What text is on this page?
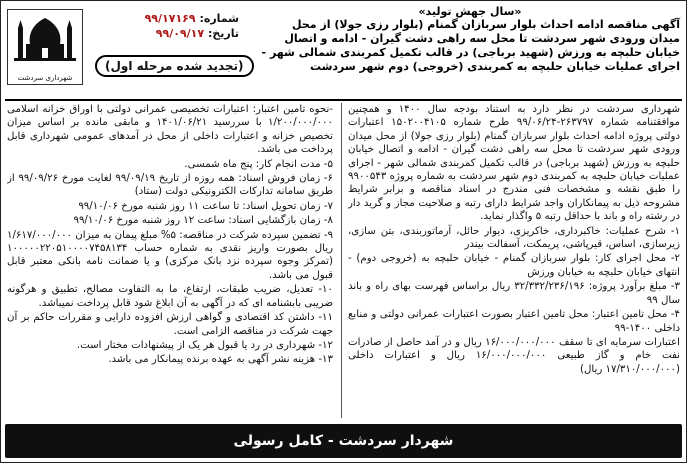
شهرداری سردشت
شماره: ۹۹/۱۷۱۶۹
تاریخ: ۹۹/۰۹/۱۷
(تجدید شده مرحله اول)
«سال جهش تولید»
آگهی مناقصه ادامه احداث بلوار سربازان گمنام (بلوار رزی جولا) از محل میدان ورودی شهر سردشت تا محل سه راهی دشت گیران - ادامه و اتصال خیابان حلبچه به ورزش (شهید برباجی) در قالب تکمیل کمربندی شمالی شهر - اجرای عملیات خیابان حلبچه به کمربندی (خروجی) دوم شهر سردشت

شهرداری سردشت در نظر دارد به استناد بودجه سال ۱۴۰۰ و همچنین موافقتنامه شماره ۲۶۳۷۹۷-۹۹/۰۶/۲۴ طرح شماره ۱۵۰۲۰۰۴۱۰۵ اعتبارات دولتی پروژه ادامه احداث بلوار سربازان گمنام (بلوار رزی جولا) از محل میدان ورودی شهر سردشت تا محل سه راهی دشت گیران - ادامه و اتصال خیابان حلبچه به ورزش (شهید برباجی) در قالب تکمیل کمربندی شمالی شهر - اجرای عملیات خیابان حلبچه به کمربندی دوم شهر سردشت به شماره پروژه ۹۹۰۰۵۴۳ را طبق نقشه و مشخصات فنی مندرج در اسناد مناقصه و برابر شرایط مشروحه ذیل به پیمانکاران واجد شرایط دارای رتبه و صلاحیت مجاز و گرید دار در رشته راه و باند با حداقل رتبه ۵ واگذار نماید.

۱- شرح عملیات: خاکبرداری، خاکریزی، دیوار حائل، آرماتوربندی، بتن سازی، زیرسازی، اساس، قیرپاشی، پریمکت، آسفالت بیندر

۲- محل اجرای کار: بلوار سربازان گمنام - خیابان حلبچه به (خروجی دوم) - انتهای خیابان حلبچه به خیابان ورزش

۳- مبلغ برآورد پروژه: ۳۲/۳۳۲/۲۳۶/۱۹۶ ریال براساس فهرست بهای راه و باند سال ۹۹

۴- محل تامین اعتبار: محل تامین اعتبار بصورت اعتبارات عمرانی دولتی و منابع داخلی ۱۴۰۰-۹۹

اعتبارات سرمایه ای تا سقف ۱۶/۰۰۰/۰۰۰/۰۰۰ ریال و در آمد حاصل از صادرات نفت خام و گاز طبیعی ۱۶/۰۰۰/۰۰۰/۰۰۰ ریال و اعتبارات داخلی (۱۷/۳۱۰/۰۰۰/۰۰۰ ریال)

-نحوه تامین اعتبار: اعتبارات تخصیصی عمرانی دولتی با اوراق خزانه اسلامی ۱/۲۰۰/۰۰۰/۰۰۰ با سررسید ۱۴۰۱/۰۶/۲۱ و مابقی مانده بر اساس میزان تخصیص خزانه و اعتبارات داخلی از محل در آمدهای عمومی شهرداری قابل پرداخت می باشد.

۵- مدت انجام کار: پنج ماه شمسی.

۶- زمان فروش اسناد: همه روزه از تاریخ ۹۹/۰۹/۱۹ لغایت مورخ ۹۹/۰۹/۲۶ از طریق سامانه تدارکات الکترونیکی دولت (ستاد)

۷- زمان تحویل اسناد: تا ساعت ۱۱ روز شنبه مورخ ۹۹/۱۰/۰۶

۸- زمان بازگشایی اسناد: ساعت ۱۲ روز شنبه مورخ ۹۹/۱۰/۰۶

۹- تضمین سپرده شرکت در مناقصه: ۵% مبلغ پیمان به میزان ۱/۶۱۷/۰۰۰/۰۰۰ ریال بصورت واریز نقدی به شماره حساب ۱۰۰۰۰۰۲۲۰۵۱۰۰۰۰۷۴۵۸۱۳۴ (تمرکز وجوه سپرده نزد بانک مرکزی) و یا ضمانت نامه بانکی معتبر قابل قبول می باشد.

۱۰- تعدیل، ضریب طبقات، ارتفاع، ما به التفاوت مصالح، تطبیق و هرگونه ضریبی بابشنامه ای که در آگهی به آن ابلاغ شود قابل پرداخت نمیباشد.

۱۱- داشتن کد اقتصادی و گواهی ارزش افزوده دارایی و مقررات حاکم بر آن جهت شرکت در مناقصه الزامی است.

۱۲- شهرداری در رد یا قبول هر یک از پیشنهادات مختار است.

۱۳- هزینه نشر آگهی به عهده برنده پیمانکار می باشد.

شهردار سردشت - کامل رسولی
